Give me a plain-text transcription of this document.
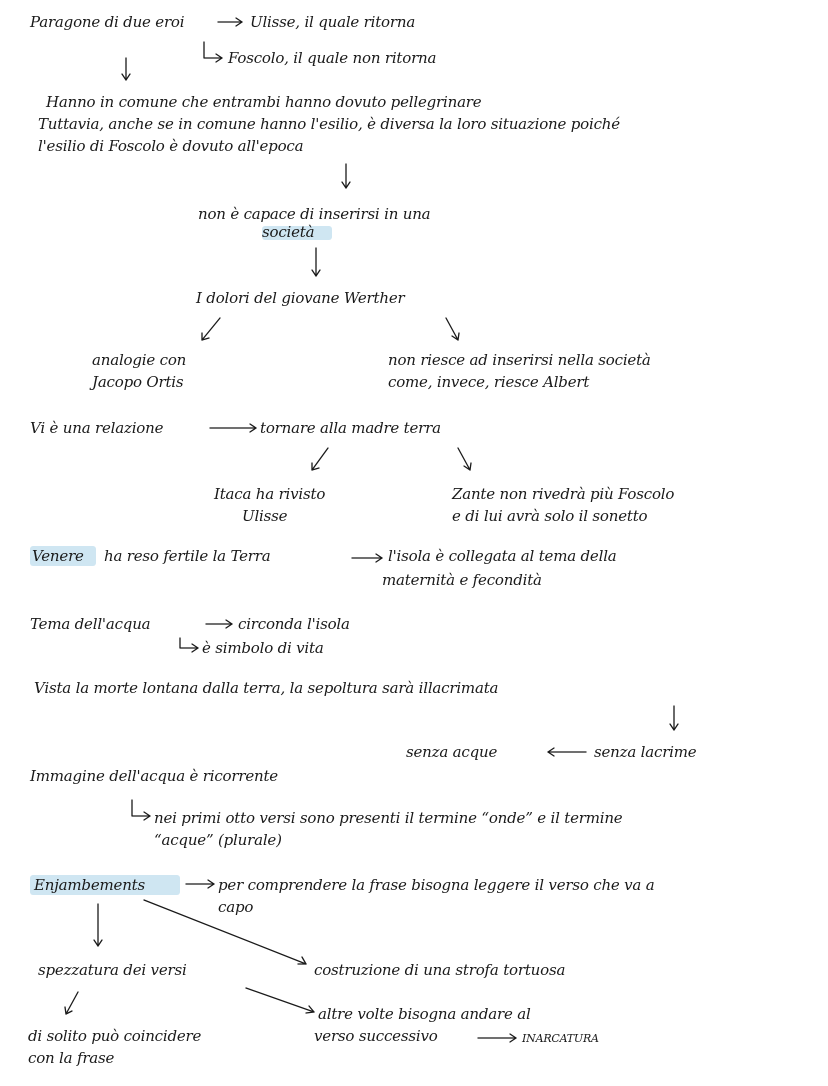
Paragone di due eroi	Ulisse, il quale ritorna
Foscolo, il quale non ritorna
Hanno in comune che entrambi hanno dovuto pellegrinare
Tuttavia, anche se in comune hanno l'esilio, è diversa la loro situazione poiché
l'esilio di Foscolo è dovuto all'epoca
non è capace di inserirsi in una
società
I dolori del giovane Werther
analogie con
Jacopo Ortis
non riesce ad inserirsi nella società
come, invece, riesce Albert
Vi è una relazione	tornare alla madre terra
Itaca ha rivisto
Ulisse
Zante non rivedrà più Foscolo
e di lui avrà solo il sonetto
Venere ha reso fertile la Terra	l'isola è collegata al tema della
maternità e fecondità
Tema dell'acqua	circonda l'isola
è simbolo di vita
Vista la morte lontana dalla terra, la sepoltura sarà illacrimata
senza acque	senza lacrime
Immagine dell'acqua è ricorrente
nei primi otto versi sono presenti il termine “onde” e il termine
“acque” (plurale)
Enjambements	per comprendere la frase bisogna leggere il verso che va a
capo
spezzatura dei versi	costruzione di una strofa tortuosa
altre volte bisogna andare al
verso successivo	INARCATURA
di solito può coincidere
con la frase
